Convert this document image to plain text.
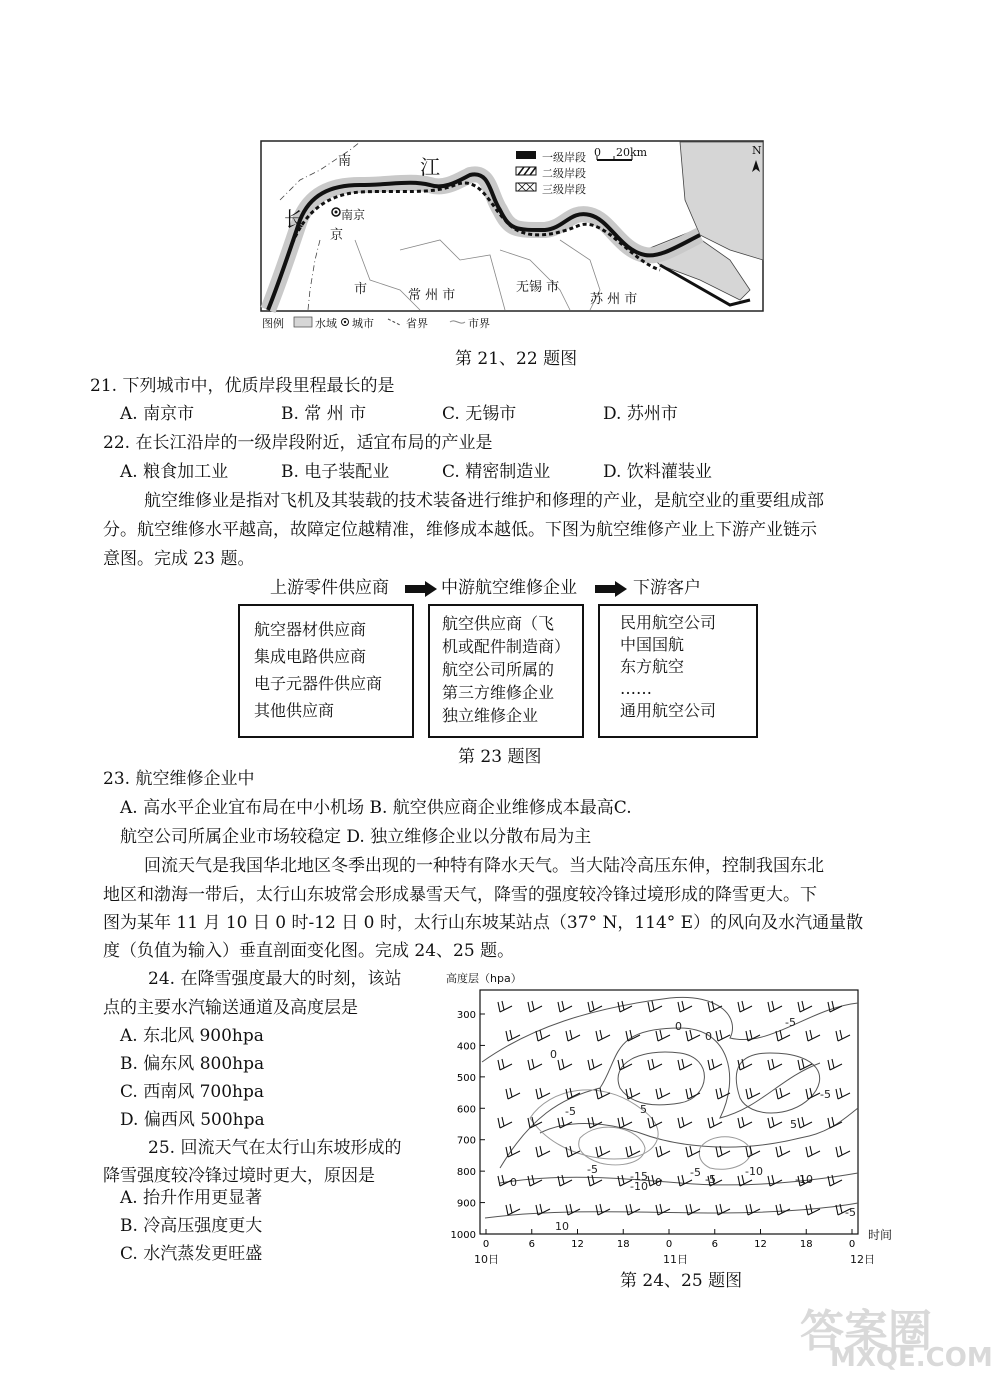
南	江
长	南京
京
市	常 州 市
无锡 市
苏 州 市
N
一级岸段
二级岸段
三级岸段
0 20km
图例	水域 城市	省界	市界
第 21、22 题图
21. 下列城市中，优质岸段里程最长的是
A. 南京市	B. 常 州 市	C. 无锡市	D. 苏州市
22. 在长江沿岸的一级岸段附近，适宜布局的产业是
A. 粮食加工业	B. 电子装配业	C. 精密制造业	D. 饮料灌装业
航空维修业是指对飞机及其装载的技术装备进行维护和修理的产业，是航空业的重要组成部
分。航空维修水平越高，故障定位越精准，维修成本越低。下图为航空维修产业上下游产业链示
意图。完成 23 题。
上游零件供应商	中游航空维修企业	下游客户
航空器材供应商
集成电路供应商
电子元器件供应商
其他供应商
航空供应商（飞
机或配件制造商）
航空公司所属的
第三方维修企业
独立维修企业
民用航空公司
中国国航
东方航空
……
通用航空公司
第 23 题图
23. 航空维修企业中
A. 高水平企业宜布局在中小机场 B. 航空供应商企业维修成本最高C.
航空公司所属企业市场较稳定 D. 独立维修企业以分散布局为主
回流天气是我国华北地区冬季出现的一种特有降水天气。当大陆冷高压东伸，控制我国东北
地区和渤海一带后，太行山东坡常会形成暴雪天气，降雪的强度较冷锋过境形成的降雪更大。下
图为某年 11 月 10 日 0 时-12 日 0 时，太行山东坡某站点（37° N，114° E）的风向及水汽通量散
度（负值为输入）垂直剖面变化图。完成 24、25 题。
24. 在降雪强度最大的时刻，该站
点的主要水汽输送通道及高度层是
A. 东北风 900hpa
B. 偏东风 800hpa
C. 西南风 700hpa
D. 偏西风 500hpa
25. 回流天气在太行山东坡形成的
降雪强度较冷锋过境时更大，原因是
A. 抬升作用更显著
B. 冷高压强度更大
C. 水汽蒸发更旺盛
0
0
0	-5
-5	5
-5
5
-5
-15
-10
-5	-10
0	0	-5	-10
10
-5
300
400
500
600
700
800
900
1000
0	6	12	18	0	6	12	18	0
高度层（hpa）
时间
10日	11日	12日
第 24、25 题图
答案圈
MXQE.COM
